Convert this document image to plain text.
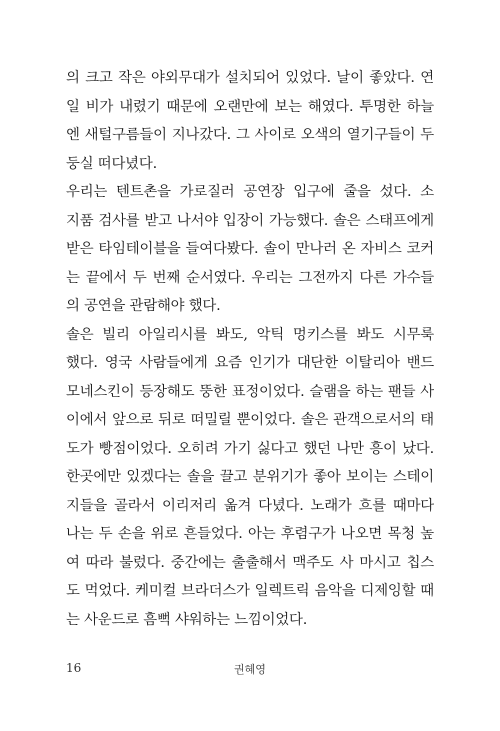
의 크고 작은 야외무대가 설치되어 있었다. 날이 좋았다. 연
일 비가 내렸기 때문에 오랜만에 보는 해였다. 투명한 하늘
엔 새털구름들이 지나갔다. 그 사이로 오색의 열기구들이 두
둥실 떠다녔다.
우리는 텐트촌을 가로질러 공연장 입구에 줄을 섰다. 소
지품 검사를 받고 나서야 입장이 가능했다. 솔은 스태프에게
받은 타임테이블을 들여다봤다. 솔이 만나러 온 자비스 코커
는 끝에서 두 번째 순서였다. 우리는 그전까지 다른 가수들
의 공연을 관람해야 했다.
솔은 빌리 아일리시를 봐도, 악틱 멍키스를 봐도 시무룩
했다. 영국 사람들에게 요즘 인기가 대단한 이탈리아 밴드
모네스킨이 등장해도 뚱한 표정이었다. 슬램을 하는 팬들 사
이에서 앞으로 뒤로 떠밀릴 뿐이었다. 솔은 관객으로서의 태
도가 빵점이었다. 오히려 가기 싫다고 했던 나만 흥이 났다.
한곳에만 있겠다는 솔을 끌고 분위기가 좋아 보이는 스테이
지들을 골라서 이리저리 옮겨 다녔다. 노래가 흐를 때마다
나는 두 손을 위로 흔들었다. 아는 후렴구가 나오면 목청 높
여 따라 불렀다. 중간에는 출출해서 맥주도 사 마시고 칩스
도 먹었다. 케미컬 브라더스가 일렉트릭 음악을 디제잉할 때
는 사운드로 흠뻑 샤워하는 느낌이었다.
16	권혜영
